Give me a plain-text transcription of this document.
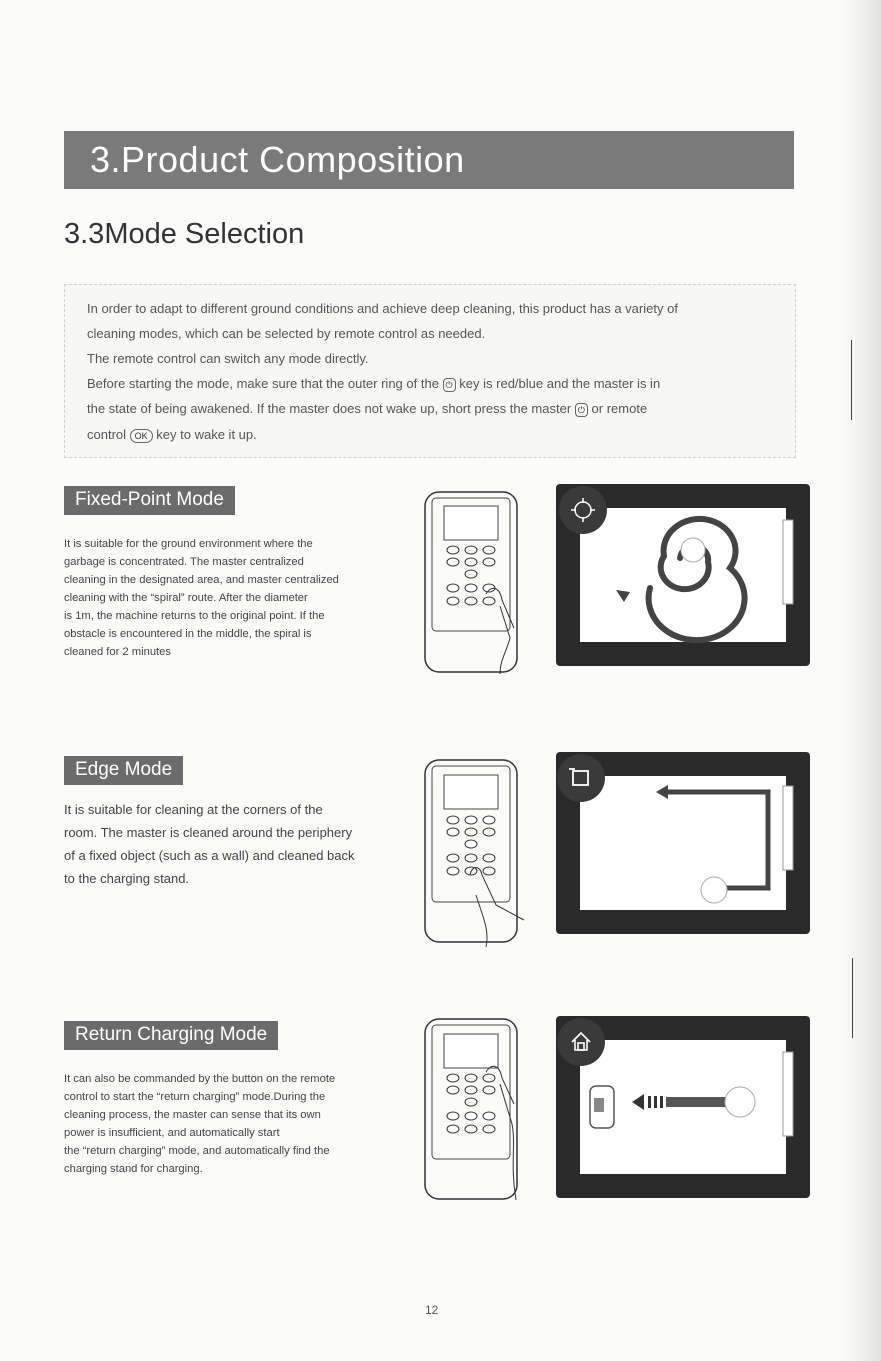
3.Product Composition
3.3Mode Selection

In order to adapt to different ground conditions and achieve deep cleaning, this product has a variety of

cleaning modes, which can be selected by remote control as needed.

The remote control can switch any mode directly.

Before starting the mode, make sure that the outer ring of the ⏻ key is red/blue and the master is in

the state of being awakened. If the master does not wake up, short press the master ⏻ or remote

control OK key to wake it up.

Fixed-Point Mode

It is suitable for the ground environment where the
garbage is concentrated. The master centralized
cleaning in the designated area, and master centralized
cleaning with the “spiral” route. After the diameter
is 1m, the machine returns to the original point. If the
obstacle is encountered in the middle, the spiral is
cleaned for 2 minutes

Edge Mode

It is suitable for cleaning at the corners of the
room. The master is cleaned around the periphery
of a fixed object (such as a wall) and cleaned back
to the charging stand.

Return Charging Mode

It can also be commanded by the button on the remote
control to start the “return charging” mode.During the
cleaning process, the master can sense that its own
power is insufficient, and automatically start
the “return charging” mode, and automatically find the
charging stand for charging.

12
